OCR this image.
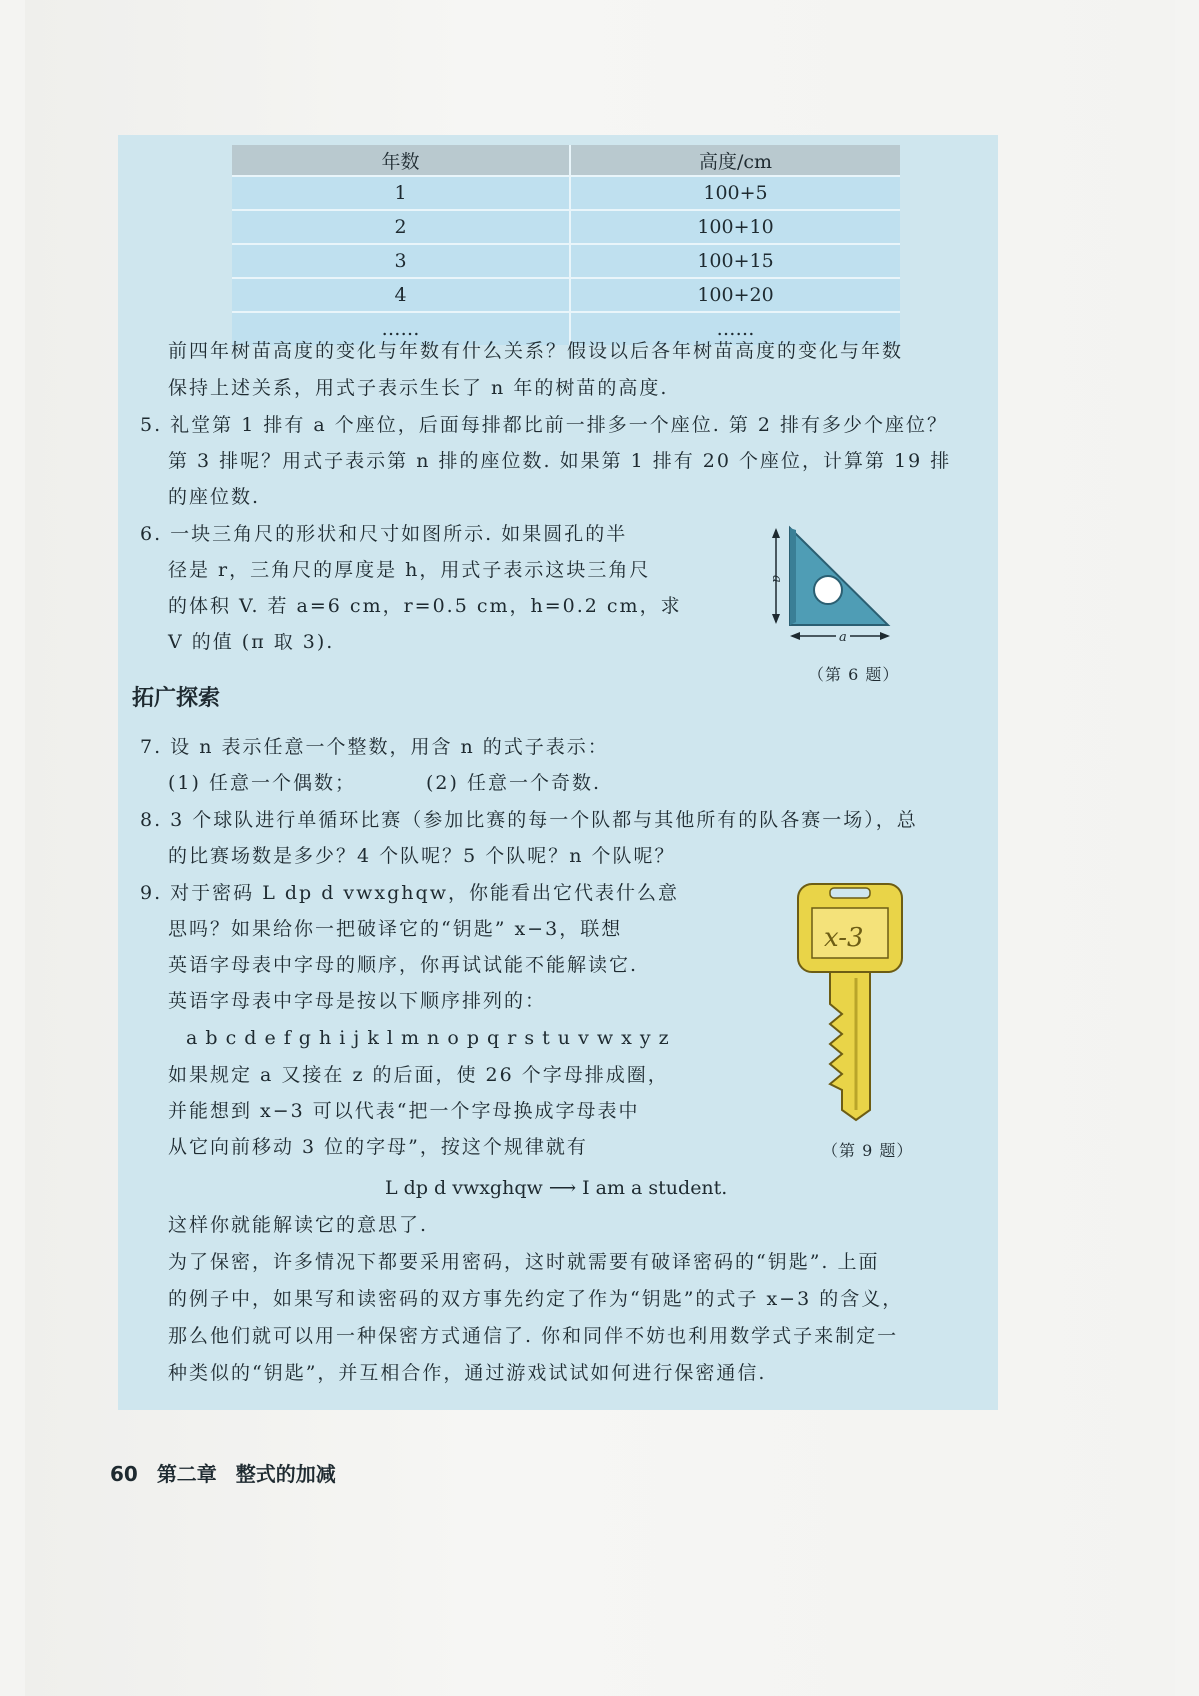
年数	高度/cm
1	100+5
2	100+10
3	100+15
4	100+20
……	……
前四年树苗高度的变化与年数有什么关系？假设以后各年树苗高度的变化与年数
保持上述关系，用式子表示生长了 n 年的树苗的高度.
5. 礼堂第 1 排有 a 个座位，后面每排都比前一排多一个座位. 第 2 排有多少个座位？
第 3 排呢？用式子表示第 n 排的座位数. 如果第 1 排有 20 个座位，计算第 19 排
的座位数.
6. 一块三角尺的形状和尺寸如图所示. 如果圆孔的半
径是 r，三角尺的厚度是 h，用式子表示这块三角尺
的体积 V. 若 a=6 cm，r=0.5 cm，h=0.2 cm，求
V 的值 (π 取 3).
a
a
（第 6 题）
拓广探索
7. 设 n 表示任意一个整数，用含 n 的式子表示：
(1) 任意一个偶数；	(2) 任意一个奇数.
8. 3 个球队进行单循环比赛（参加比赛的每一个队都与其他所有的队各赛一场），总
的比赛场数是多少？4 个队呢？5 个队呢？n 个队呢？
9. 对于密码 L dp d vwxghqw，你能看出它代表什么意
思吗？如果给你一把破译它的“钥匙” x−3，联想
英语字母表中字母的顺序，你再试试能不能解读它.
英语字母表中字母是按以下顺序排列的：
a b c d e f g h i j k l m n o p q r s t u v w x y z
如果规定 a 又接在 z 的后面，使 26 个字母排成圈，
并能想到 x−3 可以代表“把一个字母换成字母表中
从它向前移动 3 位的字母”，按这个规律就有
L dp d vwxghqw ⟶ I am a student.
x-3
（第 9 题）
这样你就能解读它的意思了.
为了保密，许多情况下都要采用密码，这时就需要有破译密码的“钥匙”. 上面
的例子中，如果写和读密码的双方事先约定了作为“钥匙”的式子 x−3 的含义，
那么他们就可以用一种保密方式通信了. 你和同伴不妨也利用数学式子来制定一
种类似的“钥匙”，并互相合作，通过游戏试试如何进行保密通信.
60 第二章 整式的加减
